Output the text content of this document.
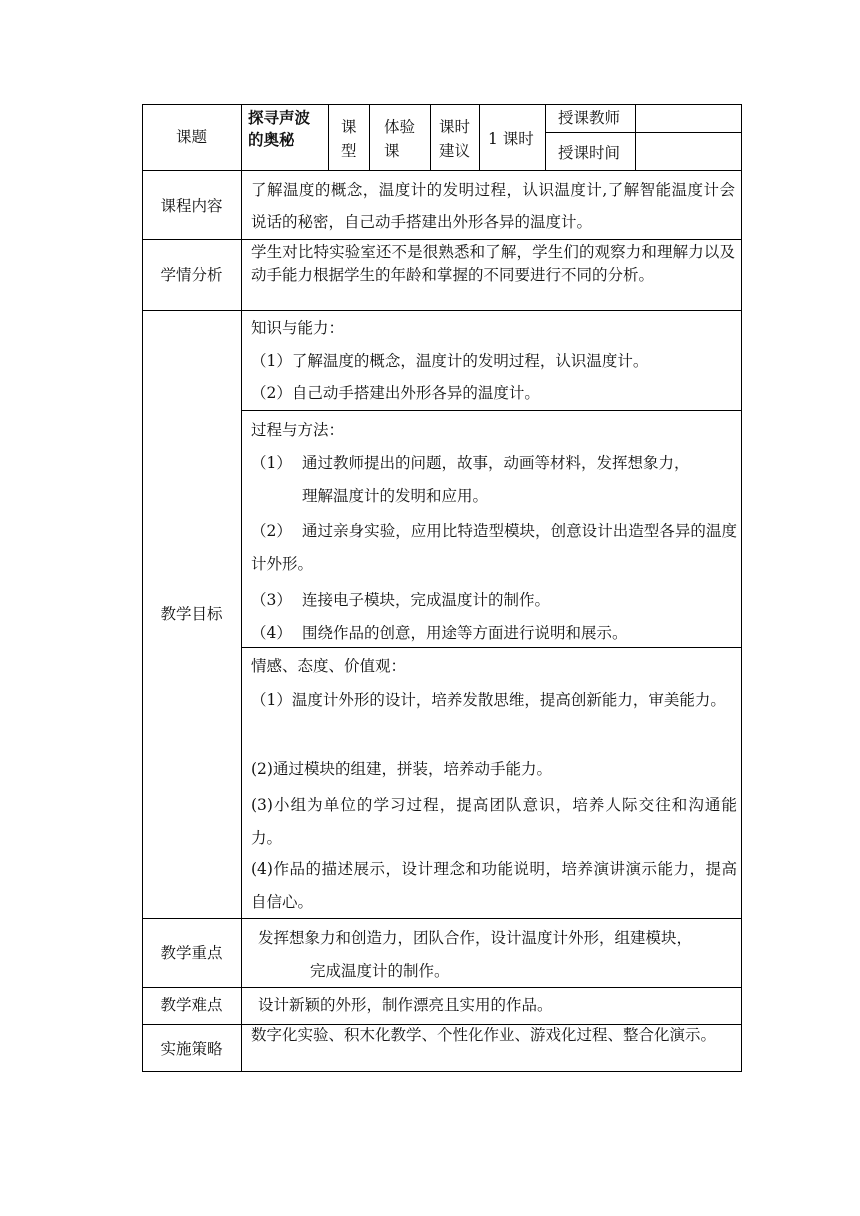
课题
探寻声波的奥秘
课型
体验课
课时建议
1 课时
授课教师
授课时间
课程内容
了解温度的概念，温度计的发明过程，认识温度计,了解智能温度计会说话的秘密，自己动手搭建出外形各异的温度计。
学情分析
学生对比特实验室还不是很熟悉和了解，学生们的观察力和理解力以及动手能力根据学生的年龄和掌握的不同要进行不同的分析。
教学目标
知识与能力：
（1）了解温度的概念，温度计的发明过程，认识温度计。
（2）自己动手搭建出外形各异的温度计。
过程与方法：
（1） 通过教师提出的问题，故事，动画等材料，发挥想象力，
理解温度计的发明和应用。
（2） 通过亲身实验，应用比特造型模块，创意设计出造型各异的温度计外形。
（3） 连接电子模块，完成温度计的制作。
（4） 围绕作品的创意，用途等方面进行说明和展示。
情感、态度、价值观：
（1）温度计外形的设计，培养发散思维，提高创新能力，审美能力。
(2)通过模块的组建，拼装，培养动手能力。
(3)小组为单位的学习过程，提高团队意识，培养人际交往和沟通能力。
(4)作品的描述展示，设计理念和功能说明，培养演讲演示能力，提高自信心。
教学重点
发挥想象力和创造力，团队合作，设计温度计外形，组建模块，
完成温度计的制作。
教学难点	设计新颖的外形，制作漂亮且实用的作品。
实施策略
数字化实验、积木化教学、个性化作业、游戏化过程、整合化演示。
